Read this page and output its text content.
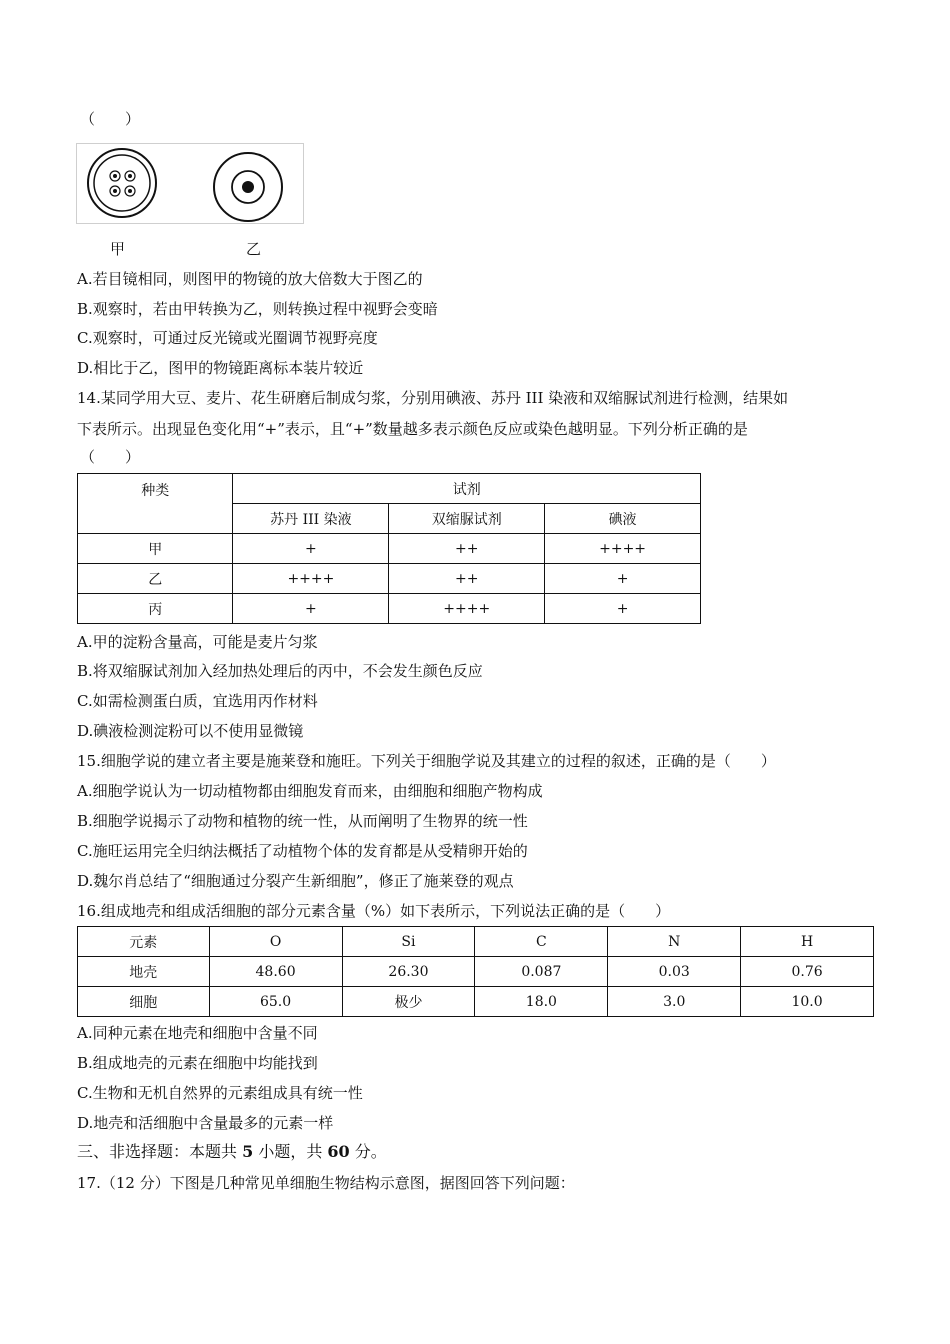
（　　）
甲	乙
A.若目镜相同，则图甲的物镜的放大倍数大于图乙的
B.观察时，若由甲转换为乙，则转换过程中视野会变暗
C.观察时，可通过反光镜或光圈调节视野亮度
D.相比于乙，图甲的物镜距离标本装片较近
14.某同学用大豆、麦片、花生研磨后制成匀浆，分别用碘液、苏丹 III 染液和双缩脲试剂进行检测，结果如
下表所示。出现显色变化用“+”表示，且“+”数量越多表示颜色反应或染色越明显。下列分析正确的是
（　　）
种类	试剂		
	苏丹 III 染液	双缩脲试剂	碘液
甲	+	++	++++
乙	++++	++	+
丙	+	++++	+
A.甲的淀粉含量高，可能是麦片匀浆
B.将双缩脲试剂加入经加热处理后的丙中，不会发生颜色反应
C.如需检测蛋白质，宜选用丙作材料
D.碘液检测淀粉可以不使用显微镜
15.细胞学说的建立者主要是施莱登和施旺。下列关于细胞学说及其建立的过程的叙述，正确的是（　　）
A.细胞学说认为一切动植物都由细胞发育而来，由细胞和细胞产物构成
B.细胞学说揭示了动物和植物的统一性，从而阐明了生物界的统一性
C.施旺运用完全归纳法概括了动植物个体的发育都是从受精卵开始的
D.魏尔肖总结了“细胞通过分裂产生新细胞”，修正了施莱登的观点
16.组成地壳和组成活细胞的部分元素含量（%）如下表所示，下列说法正确的是（　　）
元素	O	Si	C	N	H
地壳	48.60	26.30	0.087	0.03	0.76
细胞	65.0	极少	18.0	3.0	10.0
A.同种元素在地壳和细胞中含量不同
B.组成地壳的元素在细胞中均能找到
C.生物和无机自然界的元素组成具有统一性
D.地壳和活细胞中含量最多的元素一样
三、非选择题：本题共 5 小题，共 60 分。
17.（12 分）下图是几种常见单细胞生物结构示意图，据图回答下列问题：
